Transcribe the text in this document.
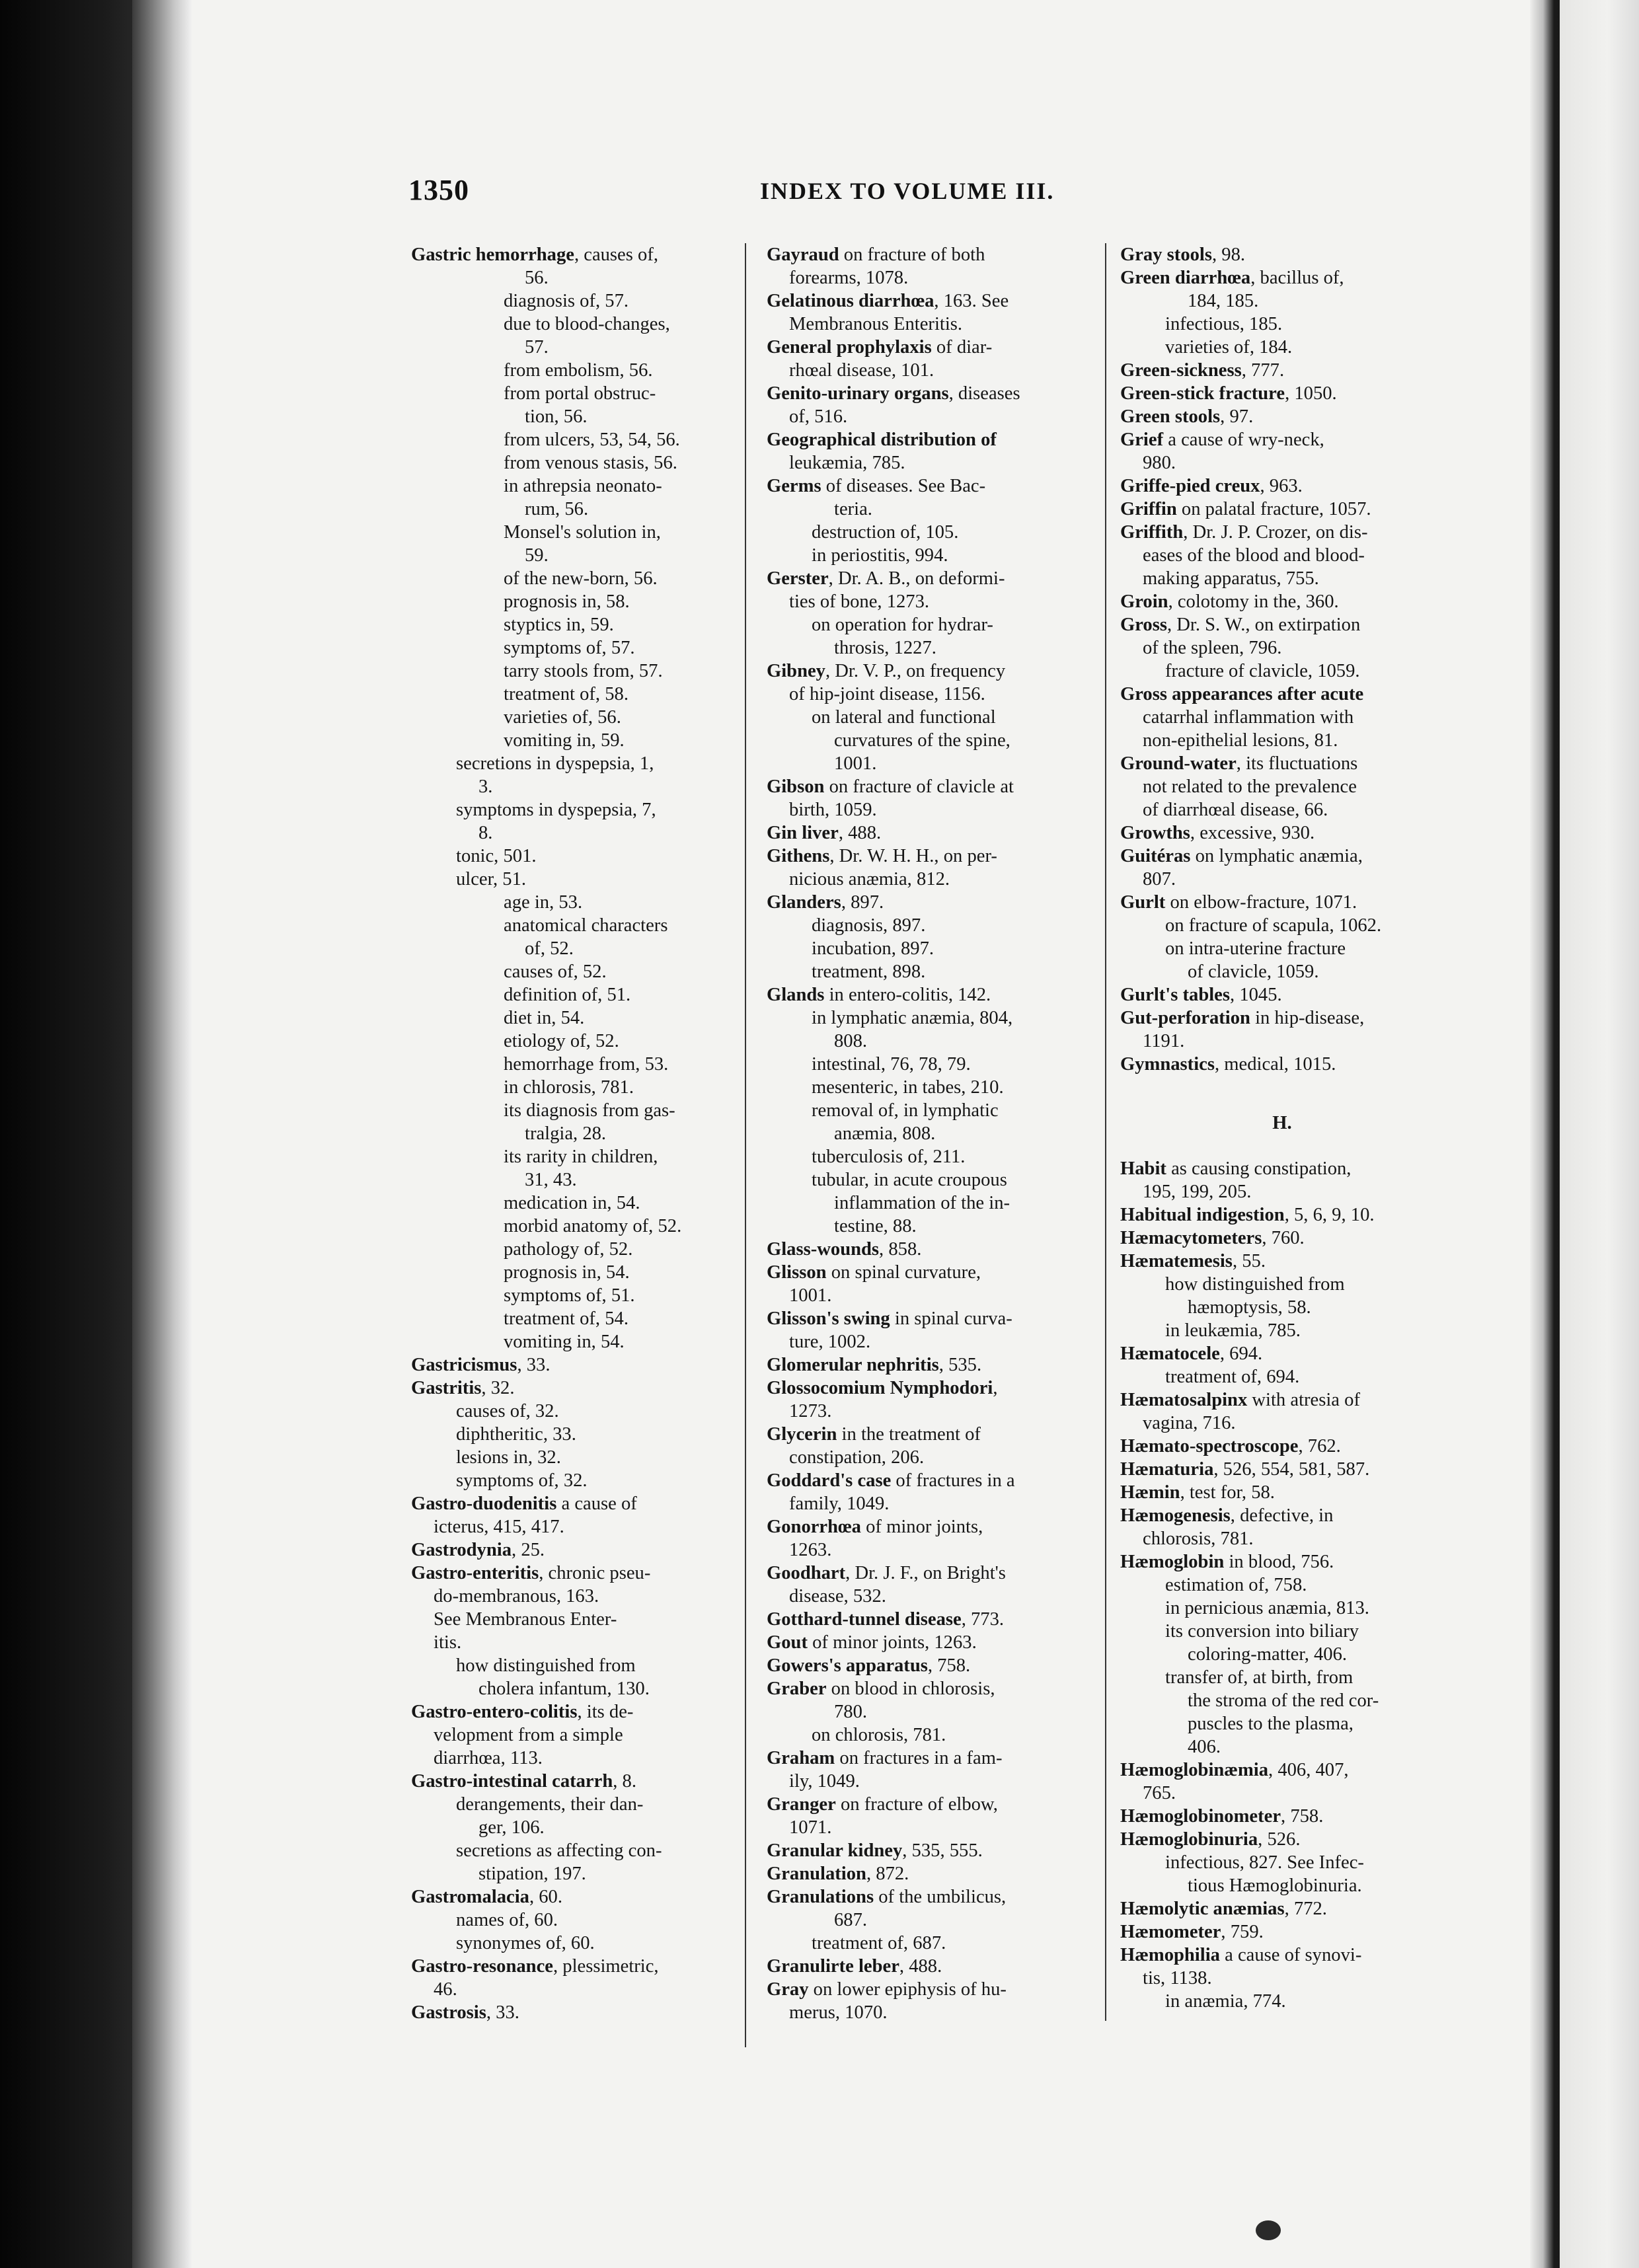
1350	INDEX TO VOLUME III.
Gastric hemorrhage, causes of,
56.
diagnosis of, 57.
due to blood-changes,
57.
from embolism, 56.
from portal obstruc-
tion, 56.
from ulcers, 53, 54, 56.
from venous stasis, 56.
in athrepsia neonato-
rum, 56.
Monsel's solution in,
59.
of the new-born, 56.
prognosis in, 58.
styptics in, 59.
symptoms of, 57.
tarry stools from, 57.
treatment of, 58.
varieties of, 56.
vomiting in, 59.
secretions in dyspepsia, 1,
3.
symptoms in dyspepsia, 7,
8.
tonic, 501.
ulcer, 51.
age in, 53.
anatomical characters
of, 52.
causes of, 52.
definition of, 51.
diet in, 54.
etiology of, 52.
hemorrhage from, 53.
in chlorosis, 781.
its diagnosis from gas-
tralgia, 28.
its rarity in children,
31, 43.
medication in, 54.
morbid anatomy of, 52.
pathology of, 52.
prognosis in, 54.
symptoms of, 51.
treatment of, 54.
vomiting in, 54.
Gastricismus, 33.
Gastritis, 32.
causes of, 32.
diphtheritic, 33.
lesions in, 32.
symptoms of, 32.
Gastro-duodenitis a cause of
icterus, 415, 417.
Gastrodynia, 25.
Gastro-enteritis, chronic pseu-
do-membranous, 163.
See Membranous Enter-
itis.
how distinguished from
cholera infantum, 130.
Gastro-entero-colitis, its de-
velopment from a simple
diarrhœa, 113.
Gastro-intestinal catarrh, 8.
derangements, their dan-
ger, 106.
secretions as affecting con-
stipation, 197.
Gastromalacia, 60.
names of, 60.
synonymes of, 60.
Gastro-resonance, plessimetric,
46.
Gastrosis, 33.
Gayraud on fracture of both
forearms, 1078.
Gelatinous diarrhœa, 163. See
Membranous Enteritis.
General prophylaxis of diar-
rhœal disease, 101.
Genito-urinary organs, diseases
of, 516.
Geographical distribution of
leukæmia, 785.
Germs of diseases. See Bac-
teria.
destruction of, 105.
in periostitis, 994.
Gerster, Dr. A. B., on deformi-
ties of bone, 1273.
on operation for hydrar-
throsis, 1227.
Gibney, Dr. V. P., on frequency
of hip-joint disease, 1156.
on lateral and functional
curvatures of the spine,
1001.
Gibson on fracture of clavicle at
birth, 1059.
Gin liver, 488.
Githens, Dr. W. H. H., on per-
nicious anæmia, 812.
Glanders, 897.
diagnosis, 897.
incubation, 897.
treatment, 898.
Glands in entero-colitis, 142.
in lymphatic anæmia, 804,
808.
intestinal, 76, 78, 79.
mesenteric, in tabes, 210.
removal of, in lymphatic
anæmia, 808.
tuberculosis of, 211.
tubular, in acute croupous
inflammation of the in-
testine, 88.
Glass-wounds, 858.
Glisson on spinal curvature,
1001.
Glisson's swing in spinal curva-
ture, 1002.
Glomerular nephritis, 535.
Glossocomium Nymphodori,
1273.
Glycerin in the treatment of
constipation, 206.
Goddard's case of fractures in a
family, 1049.
Gonorrhœa of minor joints,
1263.
Goodhart, Dr. J. F., on Bright's
disease, 532.
Gotthard-tunnel disease, 773.
Gout of minor joints, 1263.
Gowers's apparatus, 758.
Graber on blood in chlorosis,
780.
on chlorosis, 781.
Graham on fractures in a fam-
ily, 1049.
Granger on fracture of elbow,
1071.
Granular kidney, 535, 555.
Granulation, 872.
Granulations of the umbilicus,
687.
treatment of, 687.
Granulirte leber, 488.
Gray on lower epiphysis of hu-
merus, 1070.
Gray stools, 98.
Green diarrhœa, bacillus of,
184, 185.
infectious, 185.
varieties of, 184.
Green-sickness, 777.
Green-stick fracture, 1050.
Green stools, 97.
Grief a cause of wry-neck,
980.
Griffe-pied creux, 963.
Griffin on palatal fracture, 1057.
Griffith, Dr. J. P. Crozer, on dis-
eases of the blood and blood-
making apparatus, 755.
Groin, colotomy in the, 360.
Gross, Dr. S. W., on extirpation
of the spleen, 796.
fracture of clavicle, 1059.
Gross appearances after acute
catarrhal inflammation with
non-epithelial lesions, 81.
Ground-water, its fluctuations
not related to the prevalence
of diarrhœal disease, 66.
Growths, excessive, 930.
Guitéras on lymphatic anæmia,
807.
Gurlt on elbow-fracture, 1071.
on fracture of scapula, 1062.
on intra-uterine fracture
of clavicle, 1059.
Gurlt's tables, 1045.
Gut-perforation in hip-disease,
1191.
Gymnastics, medical, 1015.
H.
Habit as causing constipation,
195, 199, 205.
Habitual indigestion, 5, 6, 9, 10.
Hæmacytometers, 760.
Hæmatemesis, 55.
how distinguished from
hæmoptysis, 58.
in leukæmia, 785.
Hæmatocele, 694.
treatment of, 694.
Hæmatosalpinx with atresia of
vagina, 716.
Hæmato-spectroscope, 762.
Hæmaturia, 526, 554, 581, 587.
Hæmin, test for, 58.
Hæmogenesis, defective, in
chlorosis, 781.
Hæmoglobin in blood, 756.
estimation of, 758.
in pernicious anæmia, 813.
its conversion into biliary
coloring-matter, 406.
transfer of, at birth, from
the stroma of the red cor-
puscles to the plasma,
406.
Hæmoglobinæmia, 406, 407,
765.
Hæmoglobinometer, 758.
Hæmoglobinuria, 526.
infectious, 827. See Infec-
tious Hæmoglobinuria.
Hæmolytic anæmias, 772.
Hæmometer, 759.
Hæmophilia a cause of synovi-
tis, 1138.
in anæmia, 774.
